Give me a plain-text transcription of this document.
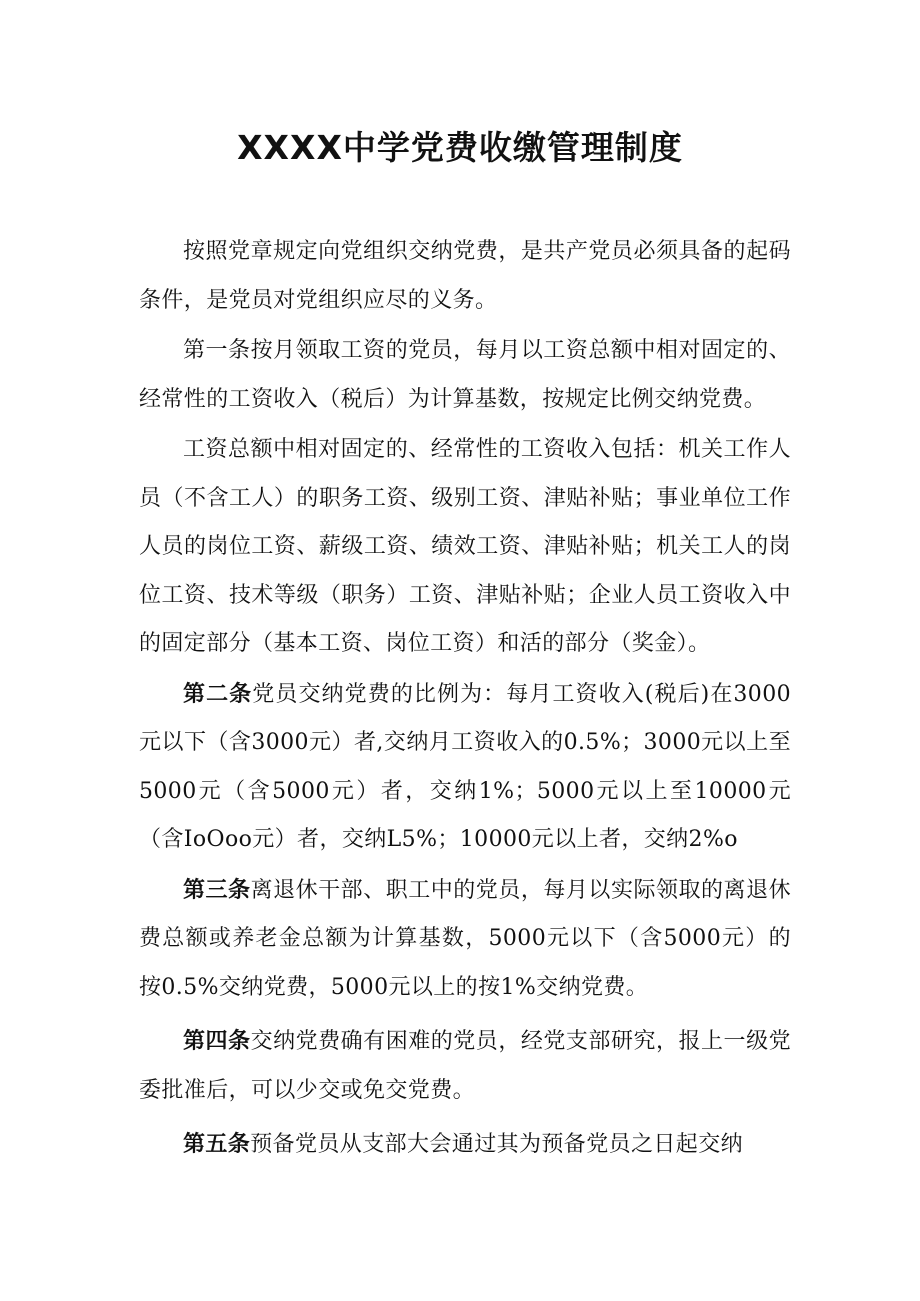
XXXX中学党费收缴管理制度

按照党章规定向党组织交纳党费，是共产党员必须具备的起码条件，是党员对党组织应尽的义务。

第一条按月领取工资的党员，每月以工资总额中相对固定的、经常性的工资收入（税后）为计算基数，按规定比例交纳党费。

工资总额中相对固定的、经常性的工资收入包括：机关工作人员（不含工人）的职务工资、级别工资、津贴补贴；事业单位工作人员的岗位工资、薪级工资、绩效工资、津贴补贴；机关工人的岗位工资、技术等级（职务）工资、津贴补贴；企业人员工资收入中的固定部分（基本工资、岗位工资）和活的部分（奖金）。

第二条党员交纳党费的比例为：每月工资收入(税后)在3000元以下（含3000元）者,交纳月工资收入的0.5%；3000元以上至5000元（含5000元）者，交纳1%；5000元以上至10000元（含IoOoo元）者，交纳L5%；10000元以上者，交纳2%o

第三条离退休干部、职工中的党员，每月以实际领取的离退休费总额或养老金总额为计算基数，5000元以下（含5000元）的按0.5%交纳党费，5000元以上的按1%交纳党费。

第四条交纳党费确有困难的党员，经党支部研究，报上一级党委批准后，可以少交或免交党费。

第五条预备党员从支部大会通过其为预备党员之日起交纳
